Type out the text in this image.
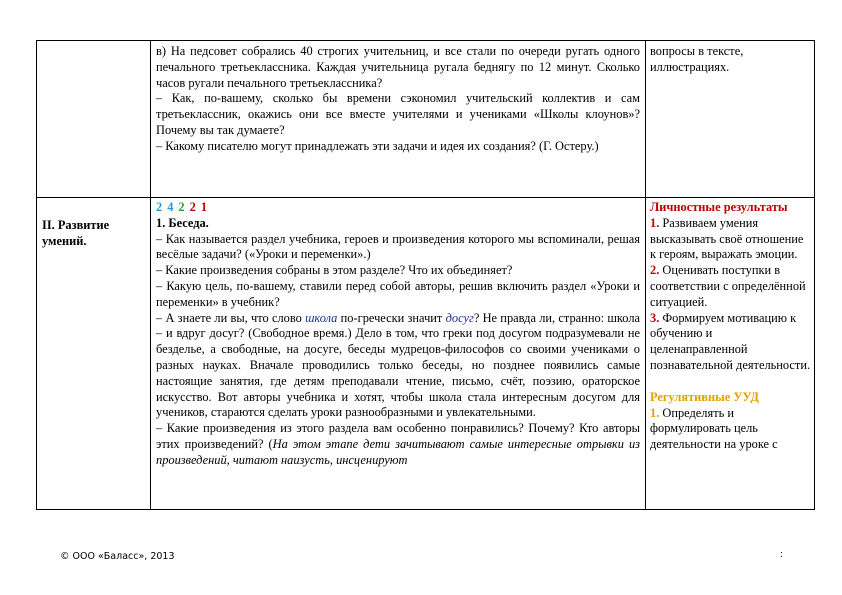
в) На педсовет собрались 40 строгих учительниц, и все стали по очереди ругать одного печального третьеклассника. Каждая учительница ругала беднягу по 12 минут. Сколько часов ругали печального третьеклассника?

– Как, по-вашему, сколько бы времени сэкономил учительский коллектив и сам третьеклассник, окажись они все вместе учителями и учениками «Школы клоунов»? Почему вы так думаете?

– Какому писателю могут принадлежать эти задачи и идея их создания? (Г. Остеру.)

вопросы в тексте, иллюстрациях.
II. Развитие умений.
2 4 2 2 1

1. Беседа.

– Как называется раздел учебника, героев и произведения которого мы вспоминали, решая весёлые задачи? («Уроки и переменки».)

– Какие произведения собраны в этом разделе? Что их объединяет?

– Какую цель, по-вашему, ставили перед собой авторы, решив включить раздел «Уроки и переменки» в учебник?

– А знаете ли вы, что слово школа по-гречески значит досуг? Не правда ли, странно: школа – и вдруг досуг? (Свободное время.) Дело в том, что греки под досугом подразумевали не безделье, а свободные, на досуге, беседы мудрецов-философов со своими учениками о разных науках. Вначале проводились только беседы, но позднее появились самые настоящие занятия, где детям преподавали чтение, письмо, счёт, поэзию, ораторское искусство. Вот авторы учебника и хотят, чтобы школа стала интересным досугом для учеников, стараются сделать уроки разнообразными и увлекательными.

– Какие произведения из этого раздела вам особенно понравились? Почему? Кто авторы этих произведений? (На этом этапе дети зачитывают самые интересные отрывки из произведений, читают наизусть, инсценируют

Личностные результаты
1. Развиваем умения высказывать своё отношение к героям, выражать эмоции.
2. Оценивать поступки в соответствии с определённой ситуацией.
3. Формируем мотивацию к обучению и целенаправленной познавательной деятельности.
Регулятивные УУД
1. Определять и формулировать цель деятельности на уроке с
© ООО «Баласс», 2013	:
